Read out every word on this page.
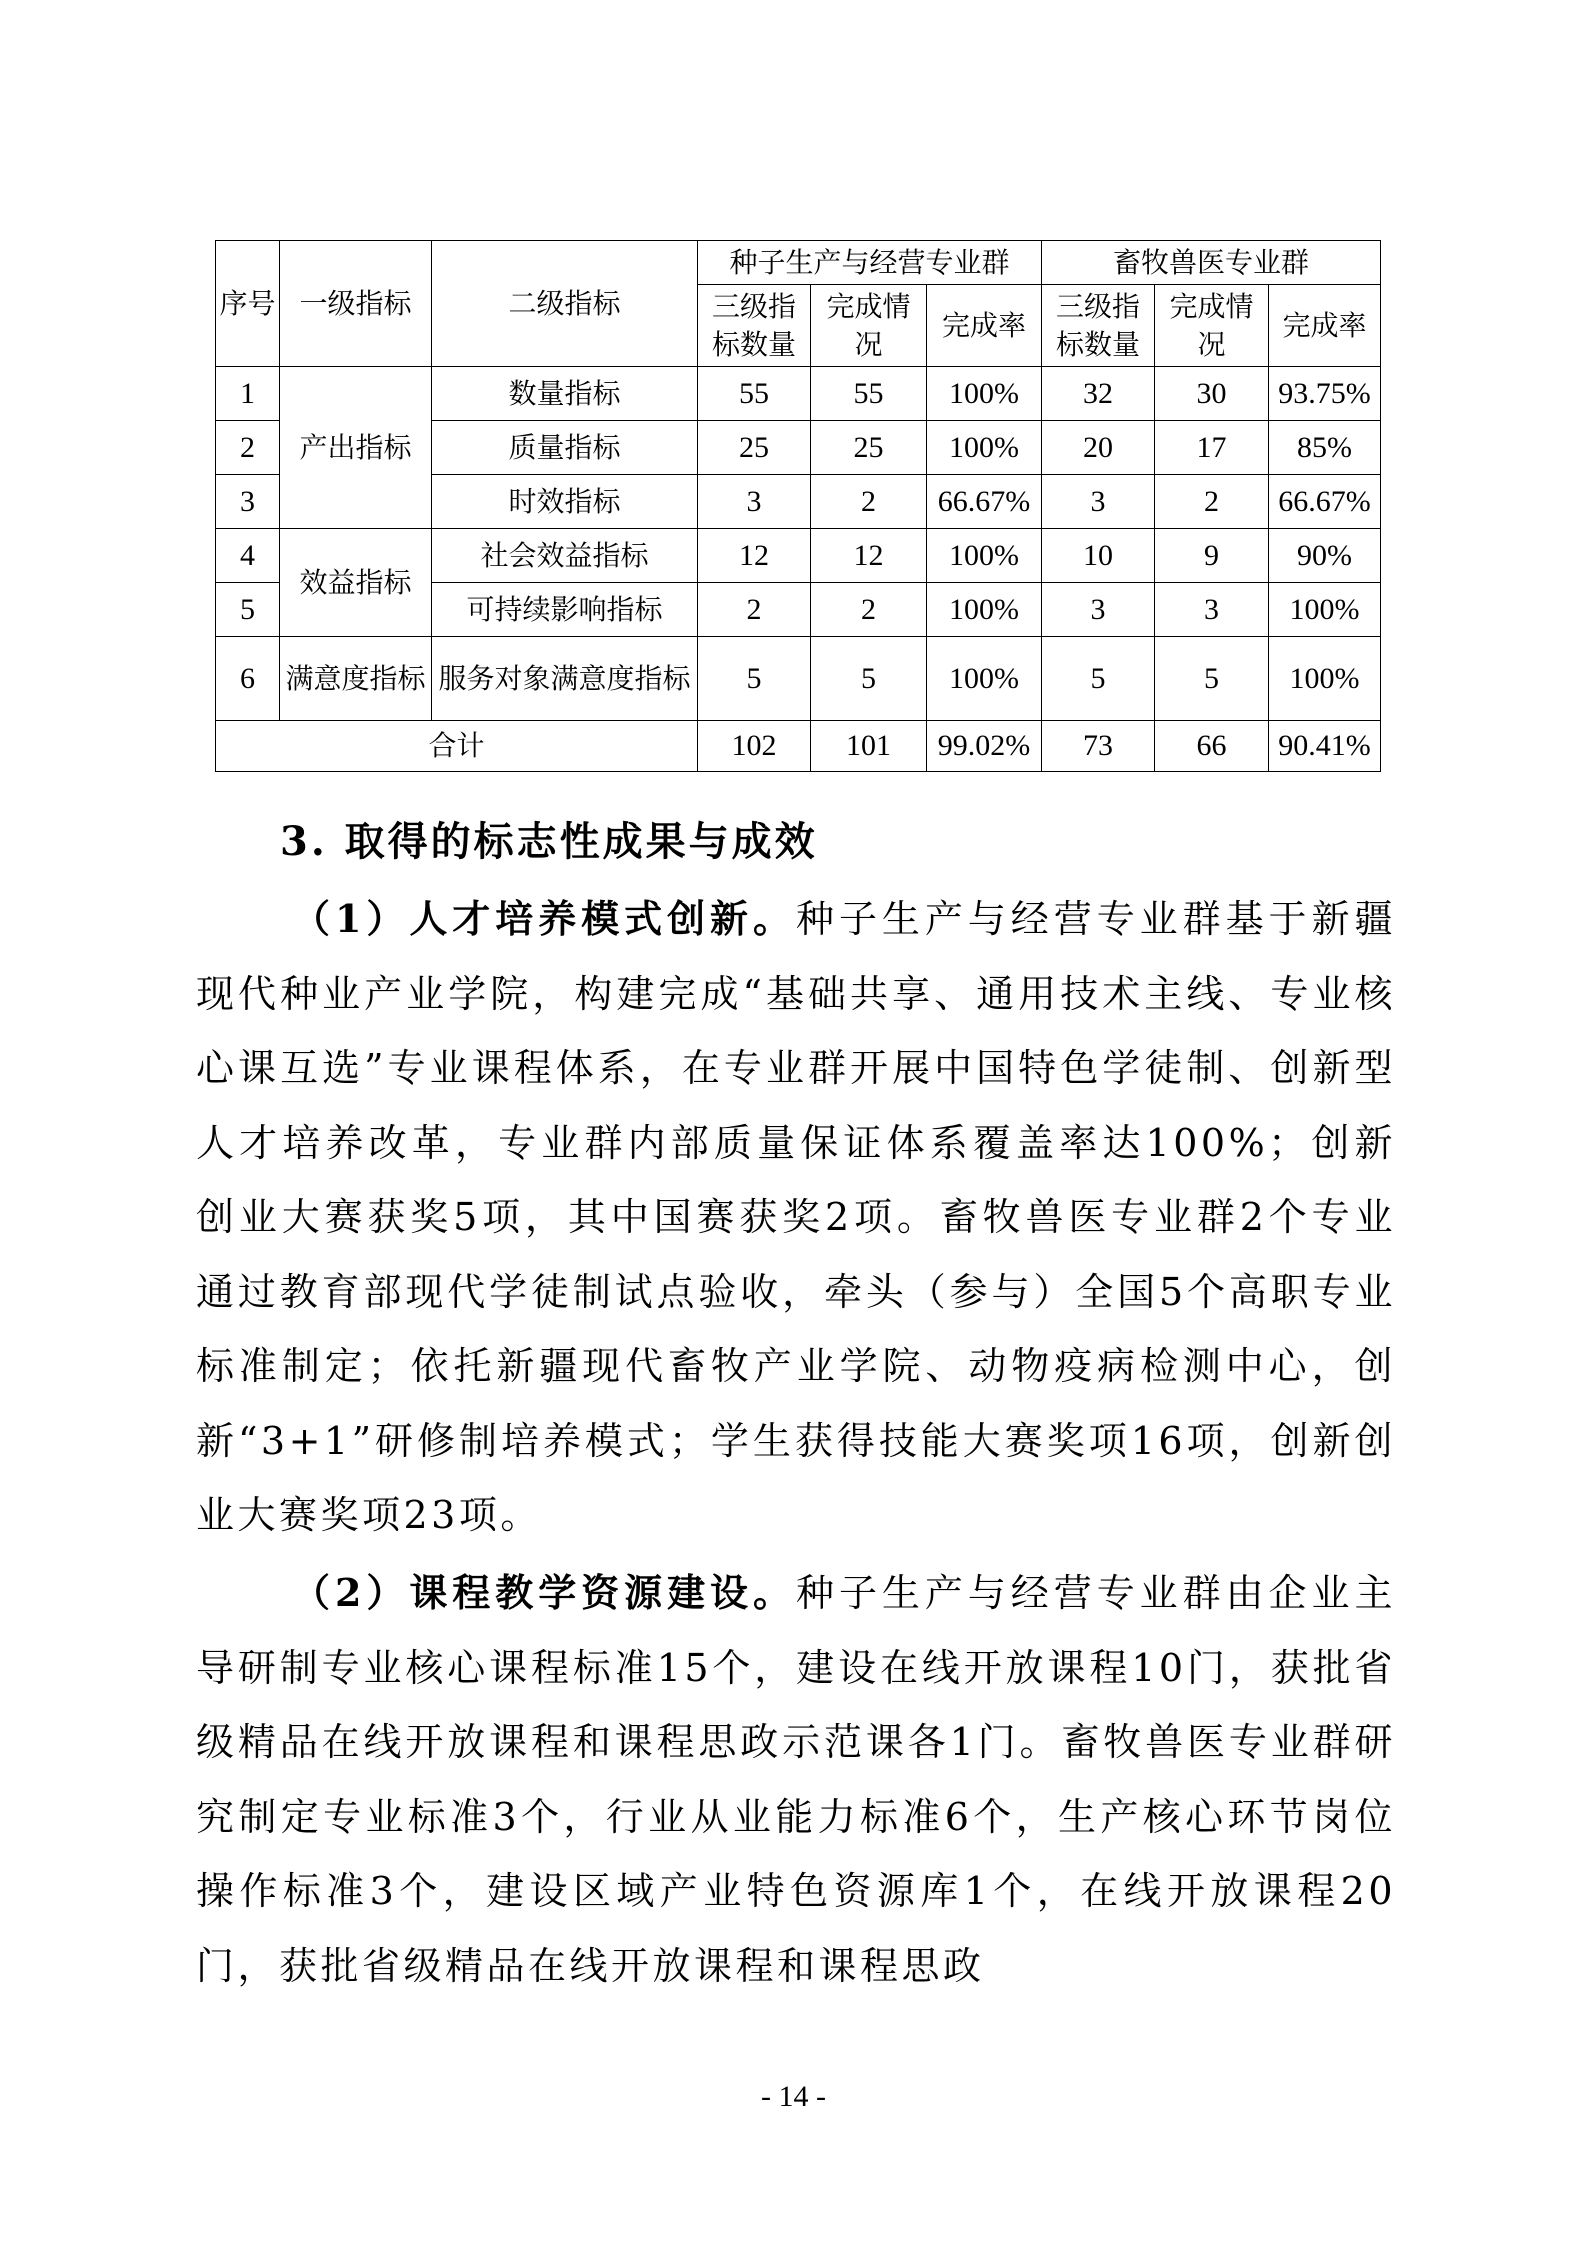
序号	一级指标	二级指标	种子生产与经营专业群			畜牧兽医专业群		
			三级指标数量	完成情况	完成率	三级指标数量	完成情况	完成率
1	产出指标	数量指标	55	55	100%	32	30	93.75%
2		质量指标	25	25	100%	20	17	85%
3		时效指标	3	2	66.67%	3	2	66.67%
4	效益指标	社会效益指标	12	12	100%	10	9	90%
5		可持续影响指标	2	2	100%	3	3	100%
6	满意度指标	服务对象满意度指标	5	5	100%	5	5	100%
合计			102	101	99.02%	73	66	90.41%
3. 取得的标志性成果与成效

（1）人才培养模式创新。种子生产与经营专业群基于新疆现代种业产业学院，构建完成“基础共享、通用技术主线、专业核心课互选”专业课程体系，在专业群开展中国特色学徒制、创新型人才培养改革，专业群内部质量保证体系覆盖率达100%；创新创业大赛获奖5项，其中国赛获奖2项。畜牧兽医专业群2个专业通过教育部现代学徒制试点验收，牵头（参与）全国5个高职专业标准制定；依托新疆现代畜牧产业学院、动物疫病检测中心，创新“3+1”研修制培养模式；学生获得技能大赛奖项16项，创新创业大赛奖项23项。

（2）课程教学资源建设。种子生产与经营专业群由企业主导研制专业核心课程标准15个，建设在线开放课程10门，获批省级精品在线开放课程和课程思政示范课各1门。畜牧兽医专业群研究制定专业标准3个，行业从业能力标准6个，生产核心环节岗位操作标准3个，建设区域产业特色资源库1个，在线开放课程20门，获批省级精品在线开放课程和课程思政

- 14 -
